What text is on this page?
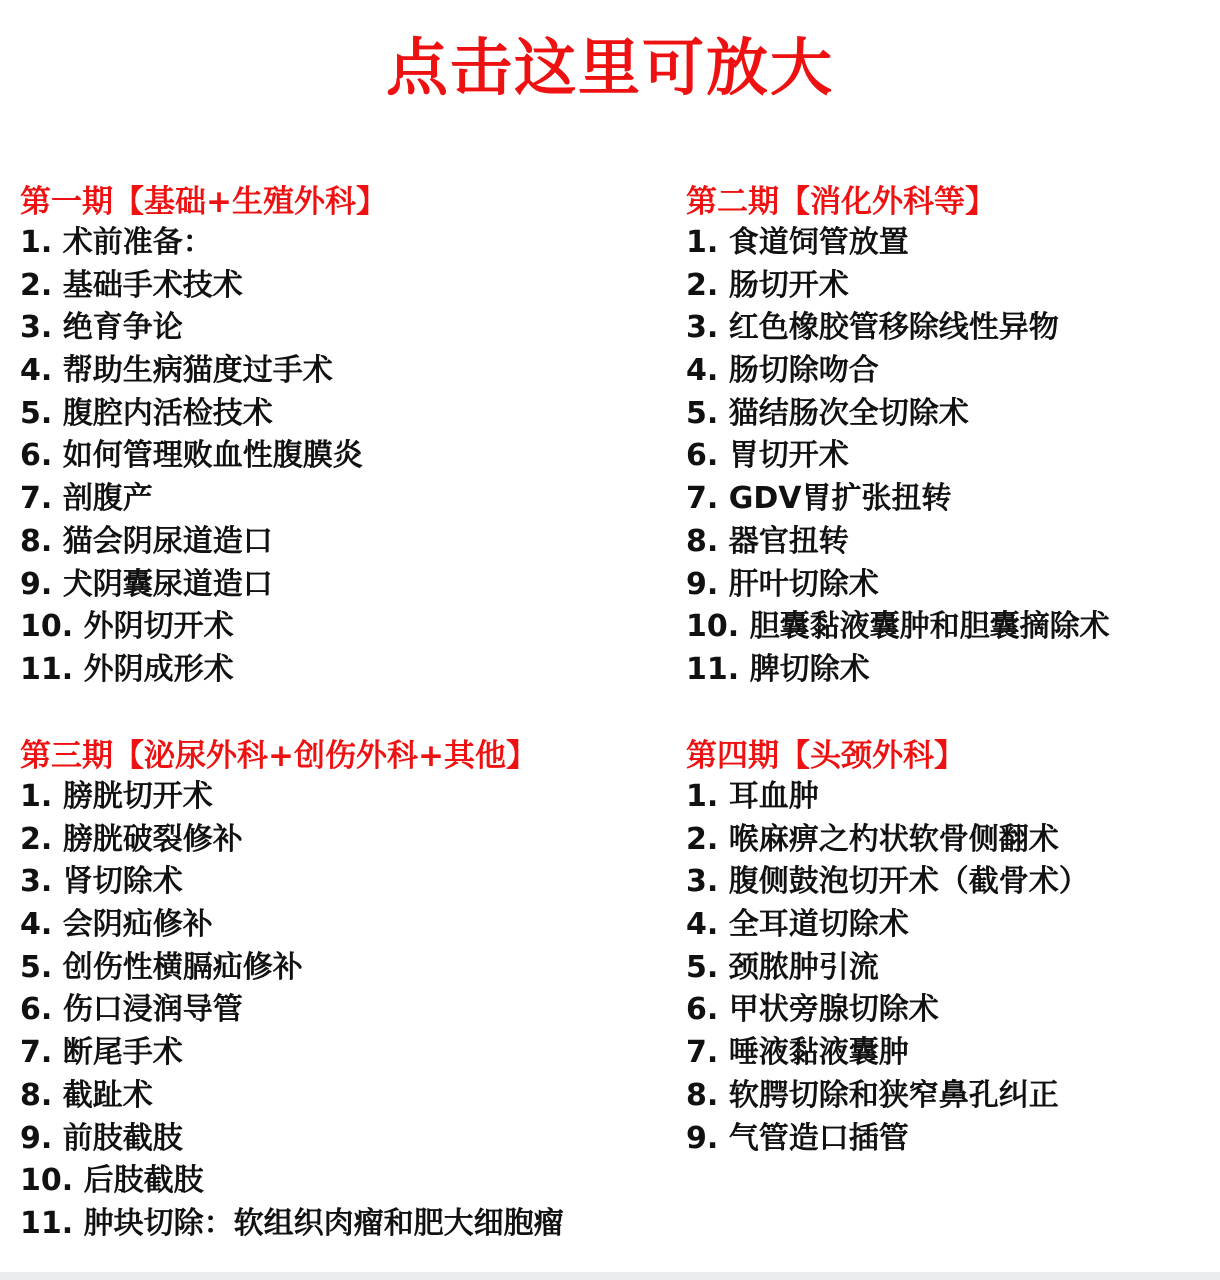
点击这里可放大
第一期【基础+生殖外科】
1. 术前准备：
2. 基础手术技术
3. 绝育争论
4. 帮助生病猫度过手术
5. 腹腔内活检技术
6. 如何管理败血性腹膜炎
7. 剖腹产
8. 猫会阴尿道造口
9. 犬阴囊尿道造口
10. 外阴切开术
11. 外阴成形术
第二期【消化外科等】
1. 食道饲管放置
2. 肠切开术
3. 红色橡胶管移除线性异物
4. 肠切除吻合
5. 猫结肠次全切除术
6. 胃切开术
7. GDV胃扩张扭转
8. 器官扭转
9. 肝叶切除术
10. 胆囊黏液囊肿和胆囊摘除术
11. 脾切除术
第三期【泌尿外科+创伤外科+其他】
1. 膀胱切开术
2. 膀胱破裂修补
3. 肾切除术
4. 会阴疝修补
5. 创伤性横膈疝修补
6. 伤口浸润导管
7. 断尾手术
8. 截趾术
9. 前肢截肢
10. 后肢截肢
11. 肿块切除：软组织肉瘤和肥大细胞瘤
第四期【头颈外科】
1. 耳血肿
2. 喉麻痹之杓状软骨侧翻术
3. 腹侧鼓泡切开术（截骨术）
4. 全耳道切除术
5. 颈脓肿引流
6. 甲状旁腺切除术
7. 唾液黏液囊肿
8. 软腭切除和狭窄鼻孔纠正
9. 气管造口插管
